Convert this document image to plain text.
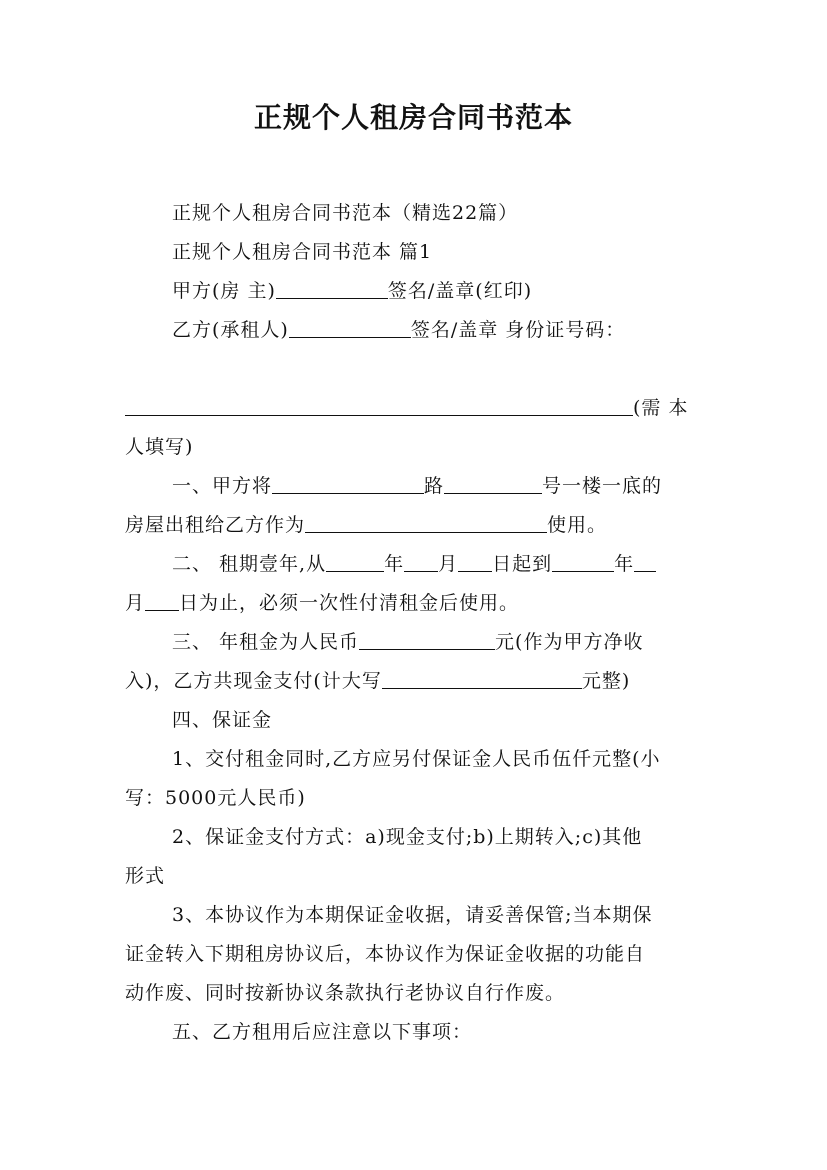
正规个人租房合同书范本
正规个人租房合同书范本（精选22篇）
正规个人租房合同书范本 篇1
甲方(房 主)	签名/盖章(红印)
乙方(承租人)	签名/盖章 身份证号码：
(需 本
人填写)
一、甲方将	路	号一楼一底的
房屋出租给乙方作为	使用。
二、 租期壹年,从	年 月 日起到	年
月 日为止，必须一次性付清租金后使用。
三、 年租金为人民币	元(作为甲方净收
入)，乙方共现金支付(计大写	元整)
四、保证金
1、交付租金同时,乙方应另付保证金人民币伍仟元整(小
写：5000元人民币)
2、保证金支付方式：a)现金支付;b)上期转入;c)其他
形式
3、本协议作为本期保证金收据，请妥善保管;当本期保
证金转入下期租房协议后，本协议作为保证金收据的功能自
动作废、同时按新协议条款执行老协议自行作废。
五、乙方租用后应注意以下事项：
